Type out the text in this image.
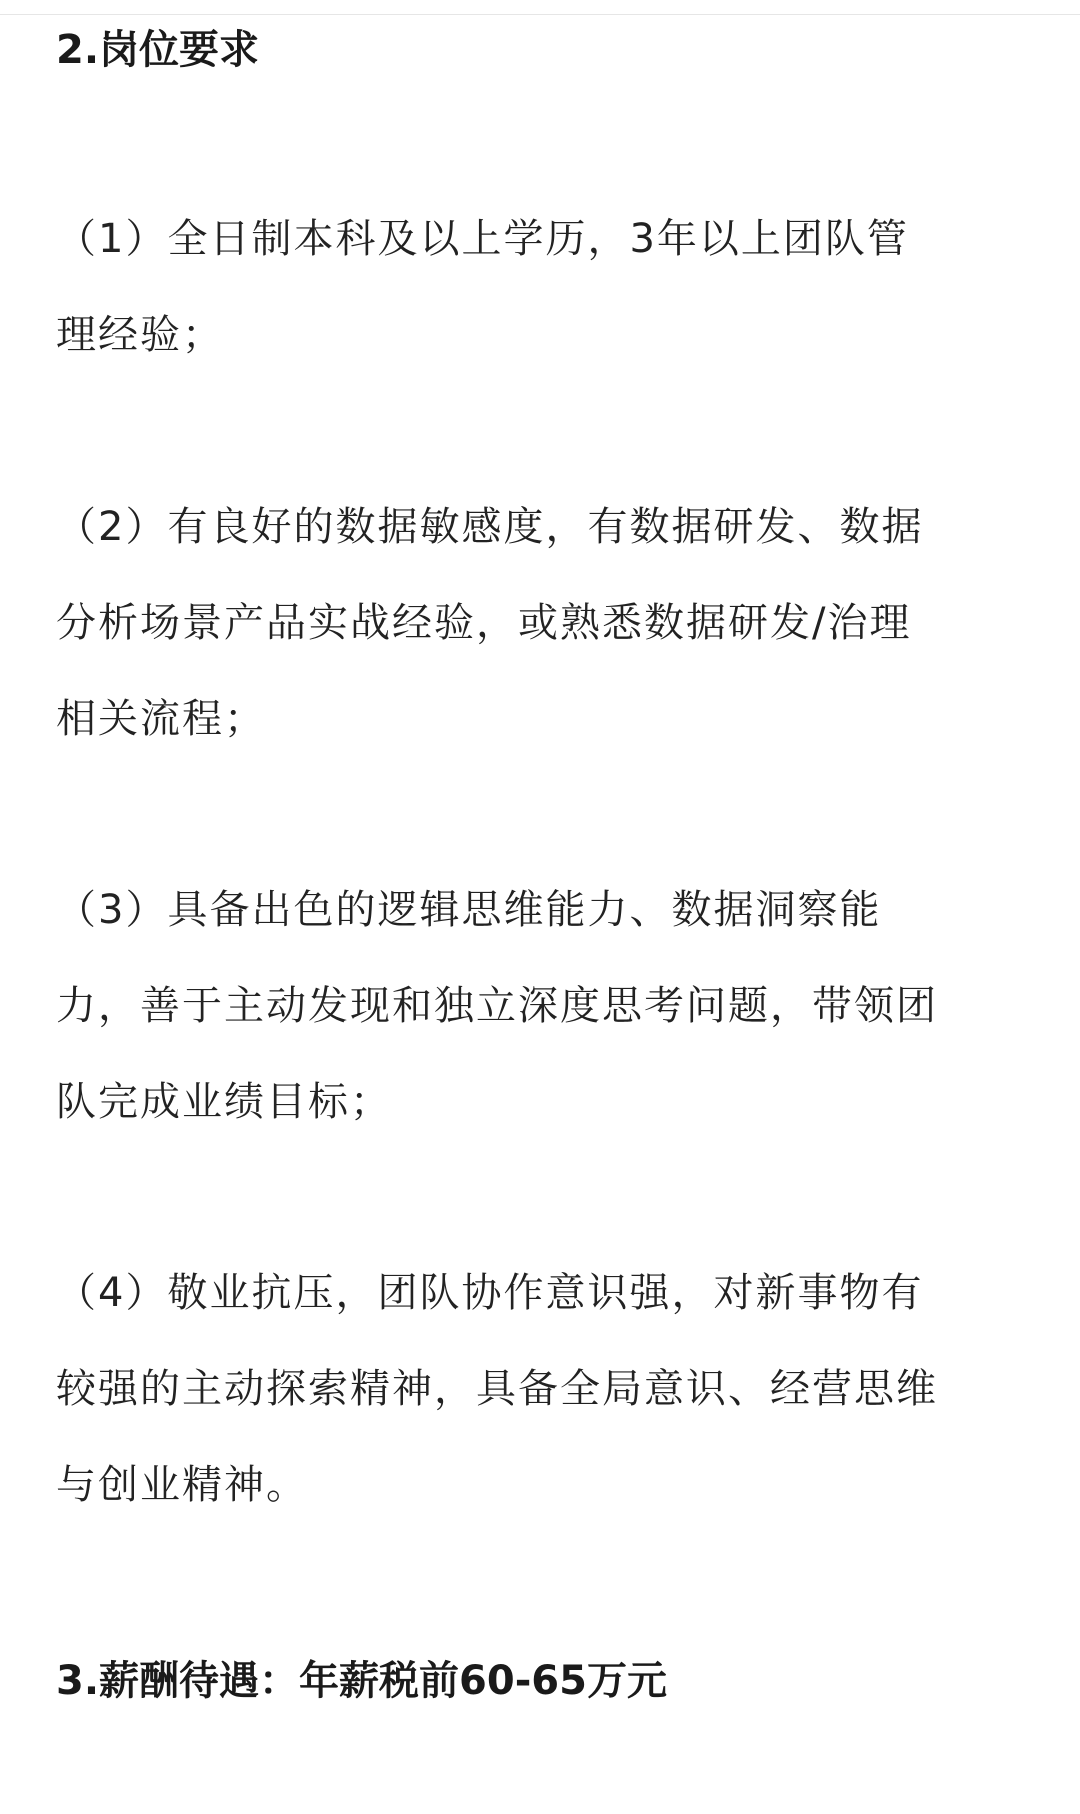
2.岗位要求

（1）全日制本科及以上学历，3年以上团队管
理经验；

（2）有良好的数据敏感度，有数据研发、数据
分析场景产品实战经验，或熟悉数据研发/治理
相关流程；

（3）具备出色的逻辑思维能力、数据洞察能
力，善于主动发现和独立深度思考问题，带领团
队完成业绩目标；

（4）敬业抗压，团队协作意识强，对新事物有
较强的主动探索精神，具备全局意识、经营思维
与创业精神。

3.薪酬待遇：年薪税前60-65万元
